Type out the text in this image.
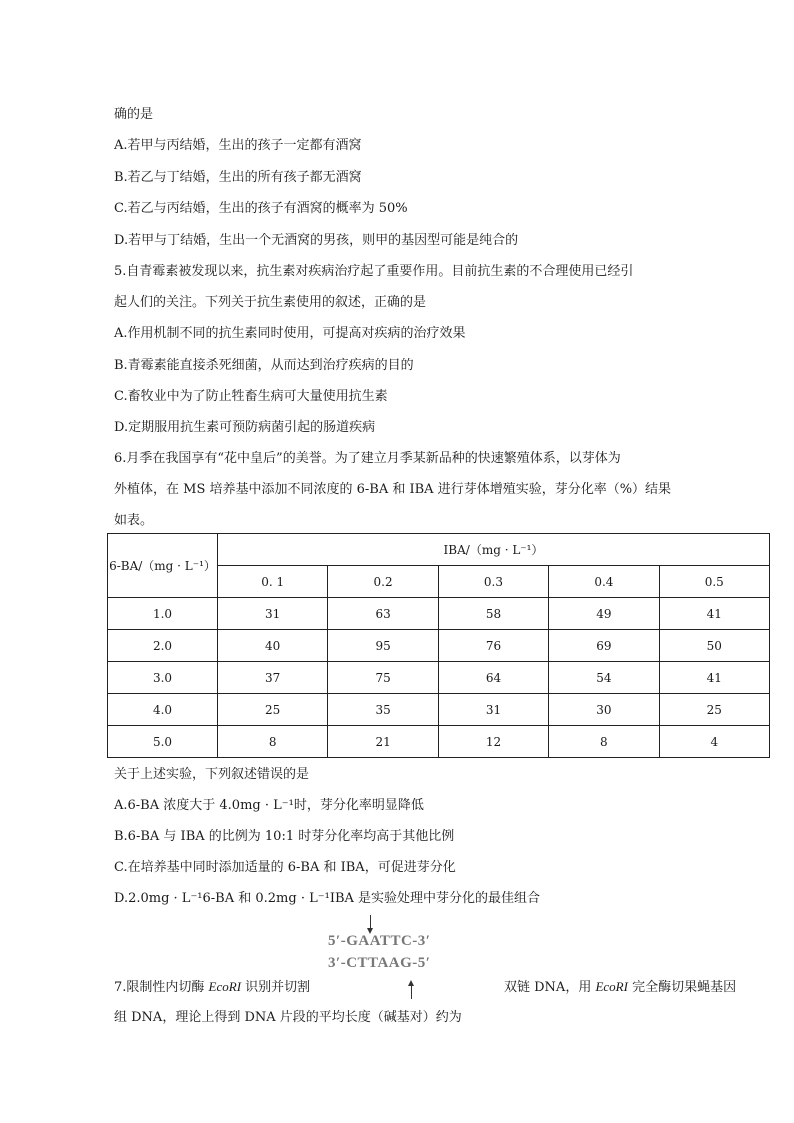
确的是
A.若甲与丙结婚，生出的孩子一定都有酒窝
B.若乙与丁结婚，生出的所有孩子都无酒窝
C.若乙与丙结婚，生出的孩子有酒窝的概率为 50%
D.若甲与丁结婚，生出一个无酒窝的男孩，则甲的基因型可能是纯合的
5.自青霉素被发现以来，抗生素对疾病治疗起了重要作用。目前抗生素的不合理使用已经引
起人们的关注。下列关于抗生素使用的叙述，正确的是
A.作用机制不同的抗生素同时使用，可提高对疾病的治疗效果
B.青霉素能直接杀死细菌，从而达到治疗疾病的目的
C.畜牧业中为了防止牲畜生病可大量使用抗生素
D.定期服用抗生素可预防病菌引起的肠道疾病
6.月季在我国享有“花中皇后”的美誉。为了建立月季某新品种的快速繁殖体系，以芽体为
外植体，在 MS 培养基中添加不同浓度的 6-BA 和 IBA 进行芽体增殖实验，芽分化率（%）结果
如表。
6-BA/（mg · L⁻¹）	IBA/（mg · L⁻¹）				
	0. 1	0.2	0.3	0.4	0.5
1.0	31	63	58	49	41
2.0	40	95	76	69	50
3.0	37	75	64	54	41
4.0	25	35	31	30	25
5.0	8	21	12	8	4
关于上述实验，下列叙述错误的是
A.6-BA 浓度大于 4.0mg · L⁻¹时，芽分化率明显降低
B.6-BA 与 IBA 的比例为 10:1 时芽分化率均高于其他比例
C.在培养基中同时添加适量的 6-BA 和 IBA，可促进芽分化
D.2.0mg · L⁻¹6-BA 和 0.2mg · L⁻¹IBA 是实验处理中芽分化的最佳组合
5′-GAATTC-3′
3′-CTTAAG-5′
7.限制性内切酶 EcoRI 识别并切割	双链 DNA，用 EcoRI 完全酶切果蝇基因
组 DNA，理论上得到 DNA 片段的平均长度（碱基对）约为
